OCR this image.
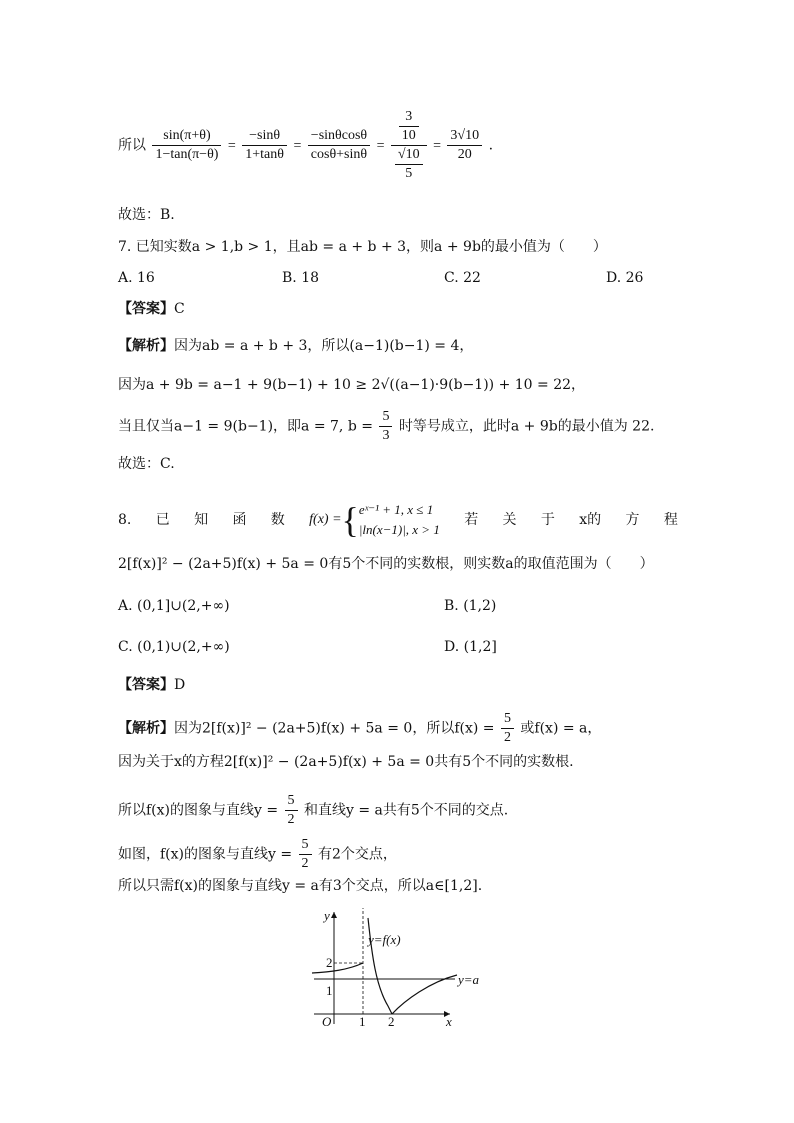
所以 $\frac{\sin(\pi+\theta)}{1-\tan(\pi-\theta)} = \frac{-\sin\theta}{1+\tan\theta} = \frac{-\sin\theta\cos\theta}{\cos\theta+\sin\theta} = \frac{\frac{3}{10}}{\frac{√10}{5}} = \frac{3√10}{20}$ .
故选：B.
7. 已知实数a > 1,b > 1，且ab = a + b + 3，则a + 9b的最小值为（　　）
A. 16	B. 18	C. 22	D. 26
【答案】C
【解析】因为ab = a + b + 3，所以(a−1)(b−1) = 4，
因为a + 9b = a−1 + 9(b−1) + 10 ≥ 2√((a−1)·9(b−1)) + 10 = 22，
当且仅当a−1 = 9(b−1)，即a = 7, $b = \frac{5}{3}$ 时等号成立，此时a + 9b的最小值为 22.
故选：C.
8. 已 知 函 数 f(x) = { eˣ⁻¹ + 1, x ≤ 1
|ln(x−1)|, x > 1
若 关 于 x的 方 程
2[f(x)]² − (2a+5)f(x) + 5a = 0有5个不同的实数根，则实数a的取值范围为（　　）
A. (0,1]∪(2,+∞)	B. (1,2)
C. (0,1)∪(2,+∞)	D. (1,2]
【答案】D
【解析】因为2[f(x)]² − (2a+5)f(x) + 5a = 0，所以$f(x) = \frac{5}{2}$ 或f(x) = a，
因为关于x的方程2[f(x)]² − (2a+5)f(x) + 5a = 0共有5个不同的实数根.
所以f(x)的图象与直线$y = \frac{5}{2}$ 和直线y = a共有5个不同的交点.
如图，f(x)的图象与直线$y = \frac{5}{2}$ 有2个交点，
所以只需f(x)的图象与直线y = a有3个交点，所以a∈[1,2].
y
x
O
2
1
1 2
y=f(x)
y=a
